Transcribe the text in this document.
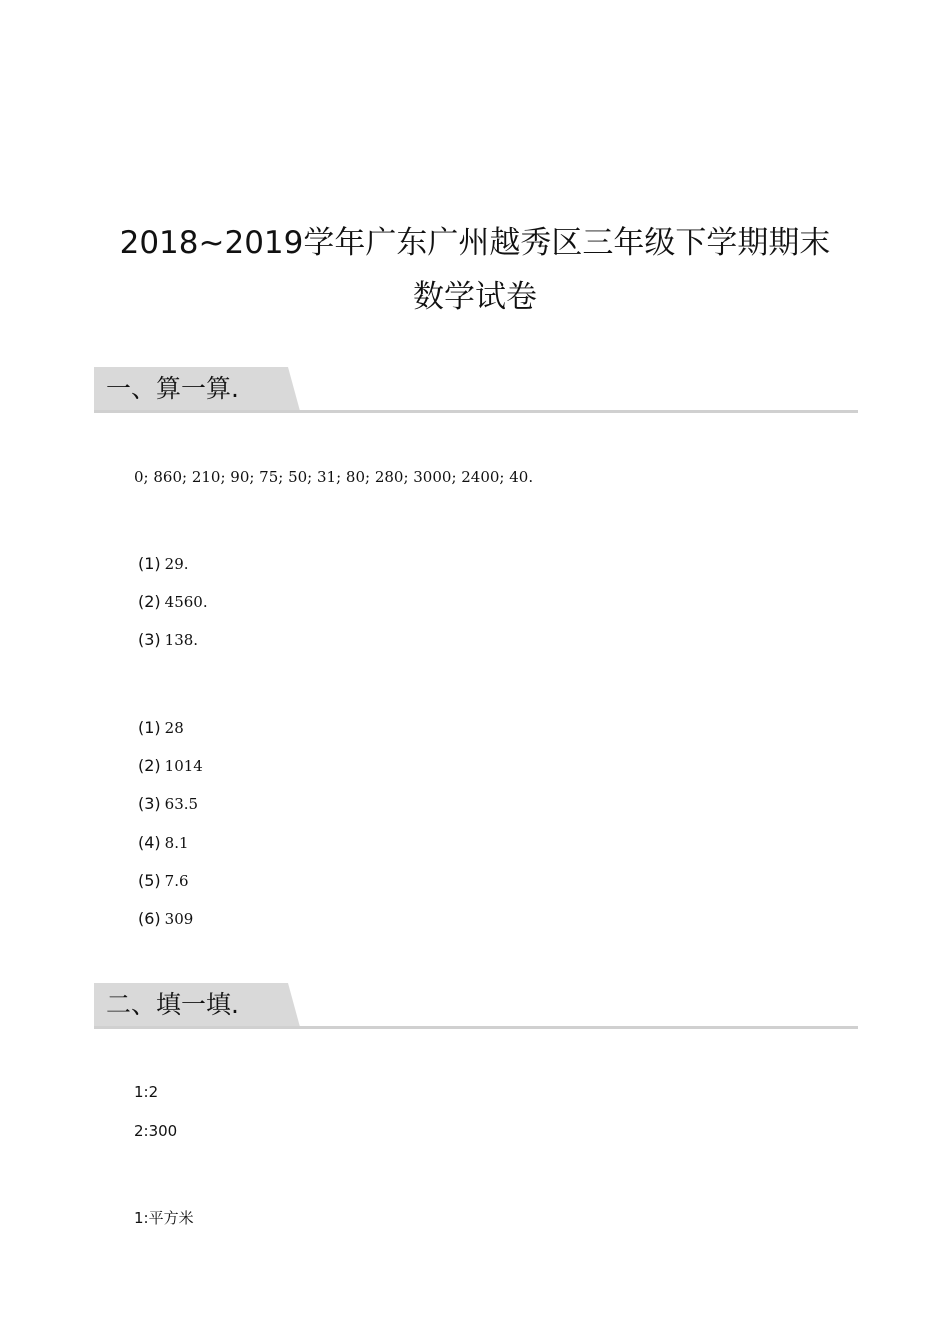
2018~2019学年广东广州越秀区三年级下学期期末
数学试卷
一、算一算.
0; 860; 210; 90; 75; 50; 31; 80; 280; 3000; 2400; 40.
(1) 29.
(2) 4560.
(3) 138.
(1) 28
(2) 1014
(3) 63.5
(4) 8.1
(5) 7.6
(6) 309
二、填一填.
1:2
2:300
1:平方米
